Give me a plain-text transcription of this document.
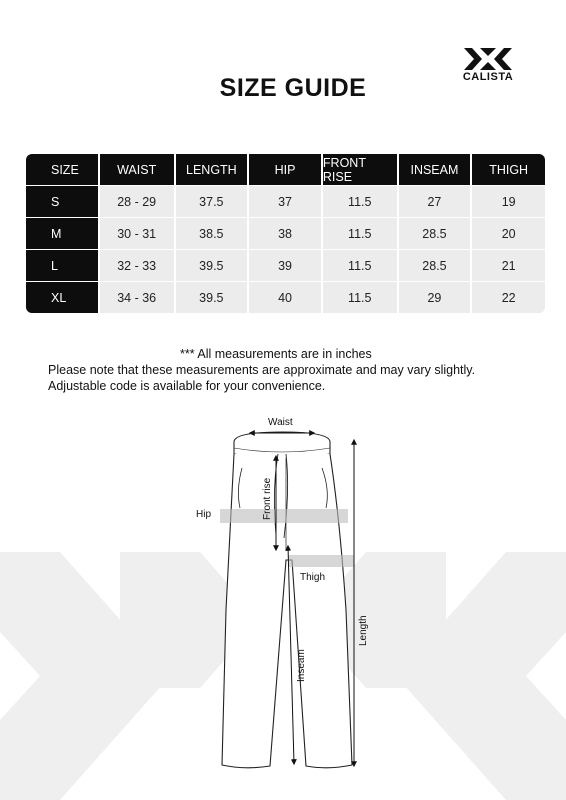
CALISTA
SIZE GUIDE
SIZE	WAIST	LENGTH	HIP	FRONT RISE	INSEAM	THIGH
S	28 - 29	37.5	37	11.5	27	19
M	30 - 31	38.5	38	11.5	28.5	20
L	32 - 33	39.5	39	11.5	28.5	21
XL	34 - 36	39.5	40	11.5	29	22
*** All measurements are in inches
Please note that these measurements are approximate and may vary slightly.
Adjustable code is available for your convenience.
Waist
Hip	Front rise
Thigh
Inseam
Length
